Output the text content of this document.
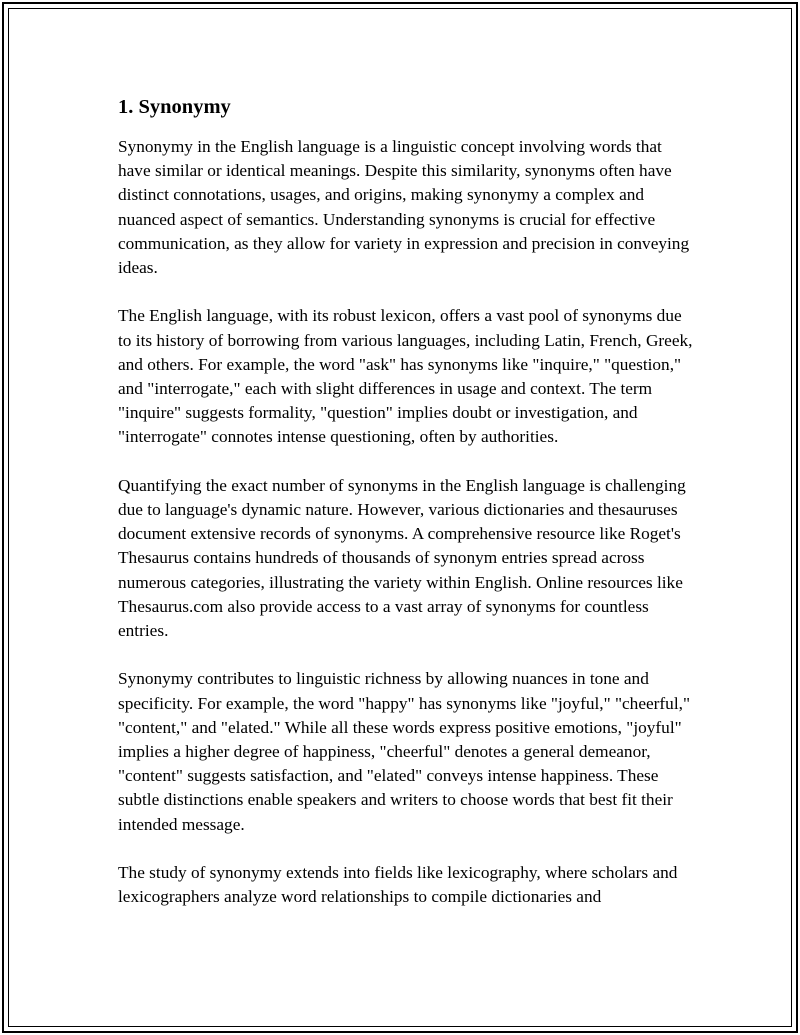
1. Synonymy

Synonymy in the English language is a linguistic concept involving words that have similar or identical meanings. Despite this similarity, synonyms often have distinct connotations, usages, and origins, making synonymy a complex and nuanced aspect of semantics. Understanding synonyms is crucial for effective communication, as they allow for variety in expression and precision in conveying ideas.

The English language, with its robust lexicon, offers a vast pool of synonyms due to its history of borrowing from various languages, including Latin, French, Greek, and others. For example, the word "ask" has synonyms like "inquire," "question," and "interrogate," each with slight differences in usage and context. The term "inquire" suggests formality, "question" implies doubt or investigation, and "interrogate" connotes intense questioning, often by authorities.

Quantifying the exact number of synonyms in the English language is challenging due to language's dynamic nature. However, various dictionaries and thesauruses document extensive records of synonyms. A comprehensive resource like Roget's Thesaurus contains hundreds of thousands of synonym entries spread across numerous categories, illustrating the variety within English. Online resources like Thesaurus.com also provide access to a vast array of synonyms for countless entries.

Synonymy contributes to linguistic richness by allowing nuances in tone and specificity. For example, the word "happy" has synonyms like "joyful," "cheerful," "content," and "elated." While all these words express positive emotions, "joyful" implies a higher degree of happiness, "cheerful" denotes a general demeanor, "content" suggests satisfaction, and "elated" conveys intense happiness. These subtle distinctions enable speakers and writers to choose words that best fit their intended message.

The study of synonymy extends into fields like lexicography, where scholars and lexicographers analyze word relationships to compile dictionaries and
